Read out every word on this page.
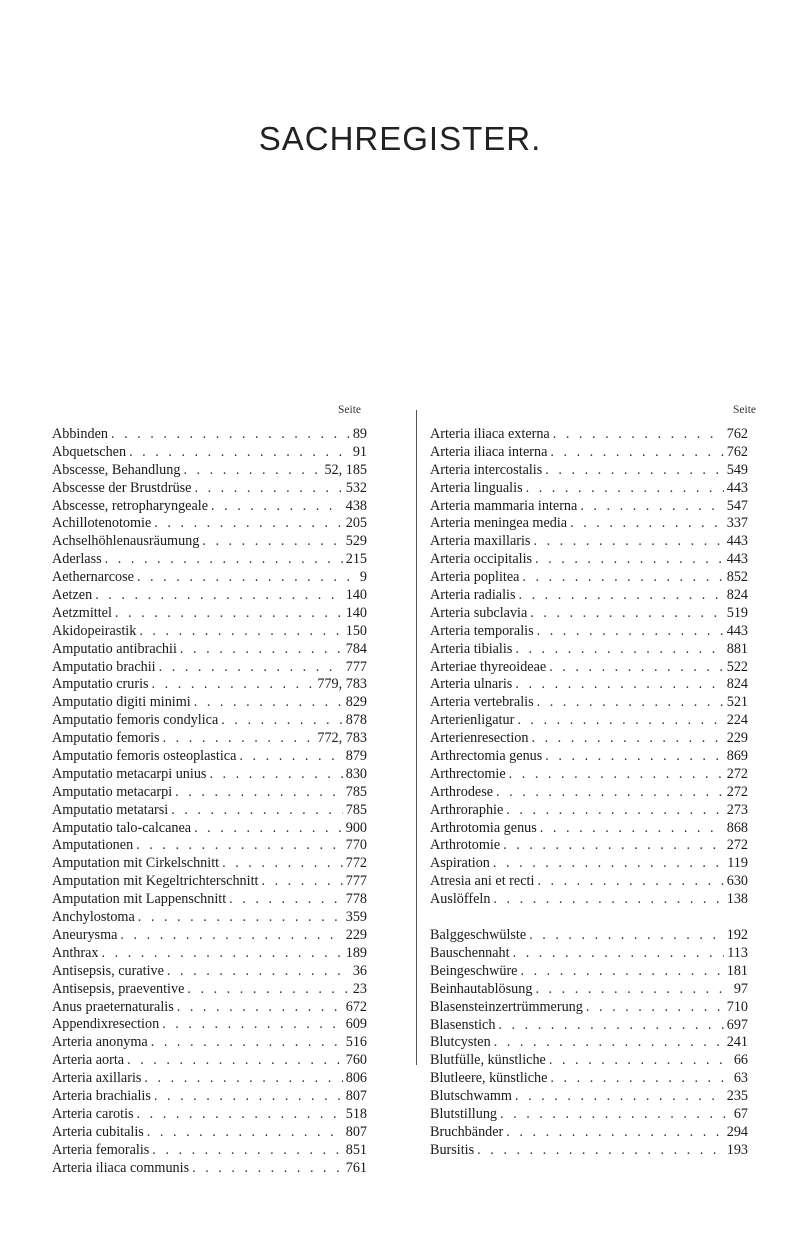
SACHREGISTER.
Seite	Seite
Abbinden . . .	89
Abquetschen . . .	91
Abscesse, Behandlung . . .	52, 185
Abscesse der Brustdrüse . . .	532
Abscesse, retropharyngeale . . .	438
Achillotenotomie . . .	205
Achselhöhlenausräumung . . .	529
Aderlass . . .	215
Aethernarcose . . .	9
Aetzen . . .	140
Aetzmittel . . .	140
Akidopeirastik . . .	150
Amputatio antibrachii . . .	784
Amputatio brachii . . .	777
Amputatio cruris . . .	779, 783
Amputatio digiti minimi . . .	829
Amputatio femoris condylica . . .	878
Amputatio femoris . . .	772, 783
Amputatio femoris osteoplastica . . .	879
Amputatio metacarpi unius . . .	830
Amputatio metacarpi . . .	785
Amputatio metatarsi . . .	785
Amputatio talo-calcanea . . .	900
Amputationen . . .	770
Amputation mit Cirkelschnitt . . .	772
Amputation mit Kegeltrichterschnitt . . .	777
Amputation mit Lappenschnitt . . .	778
Anchylostoma . . .	359
Aneurysma . . .	229
Anthrax . . .	189
Antisepsis, curative . . .	36
Antisepsis, praeventive . . .	23
Anus praeternaturalis . . .	672
Appendixresection . . .	609
Arteria anonyma . . .	516
Arteria aorta . . .	760
Arteria axillaris . . .	806
Arteria brachialis . . .	807
Arteria carotis . . .	518
Arteria cubitalis . . .	807
Arteria femoralis . . .	851
Arteria iliaca communis . . .	761
Arteria iliaca externa . . .	762
Arteria iliaca interna . . .	762
Arteria intercostalis . . .	549
Arteria lingualis . . .	443
Arteria mammaria interna . . .	547
Arteria meningea media . . .	337
Arteria maxillaris . . .	443
Arteria occipitalis . . .	443
Arteria poplitea . . .	852
Arteria radialis . . .	824
Arteria subclavia . . .	519
Arteria temporalis . . .	443
Arteria tibialis . . .	881
Arteriae thyreoideae . . .	522
Arteria ulnaris . . .	824
Arteria vertebralis . . .	521
Arterienligatur . . .	224
Arterienresection . . .	229
Arthrectomia genus . . .	869
Arthrectomie . . .	272
Arthrodese . . .	272
Arthroraphie . . .	273
Arthrotomia genus . . .	868
Arthrotomie . . .	272
Aspiration . . .	119
Atresia ani et recti . . .	630
Auslöffeln . . .	138
Balggeschwülste . . .	192
Bauschennaht . . .	113
Beingeschwüre . . .	181
Beinhautablösung . . .	97
Blasensteinzertrümmerung . . .	710
Blasenstich . . .	697
Blutcysten . . .	241
Blutfülle, künstliche . . .	66
Blutleere, künstliche . . .	63
Blutschwamm . . .	235
Blutstillung . . .	67
Bruchbänder . . .	294
Bursitis . . .	193
